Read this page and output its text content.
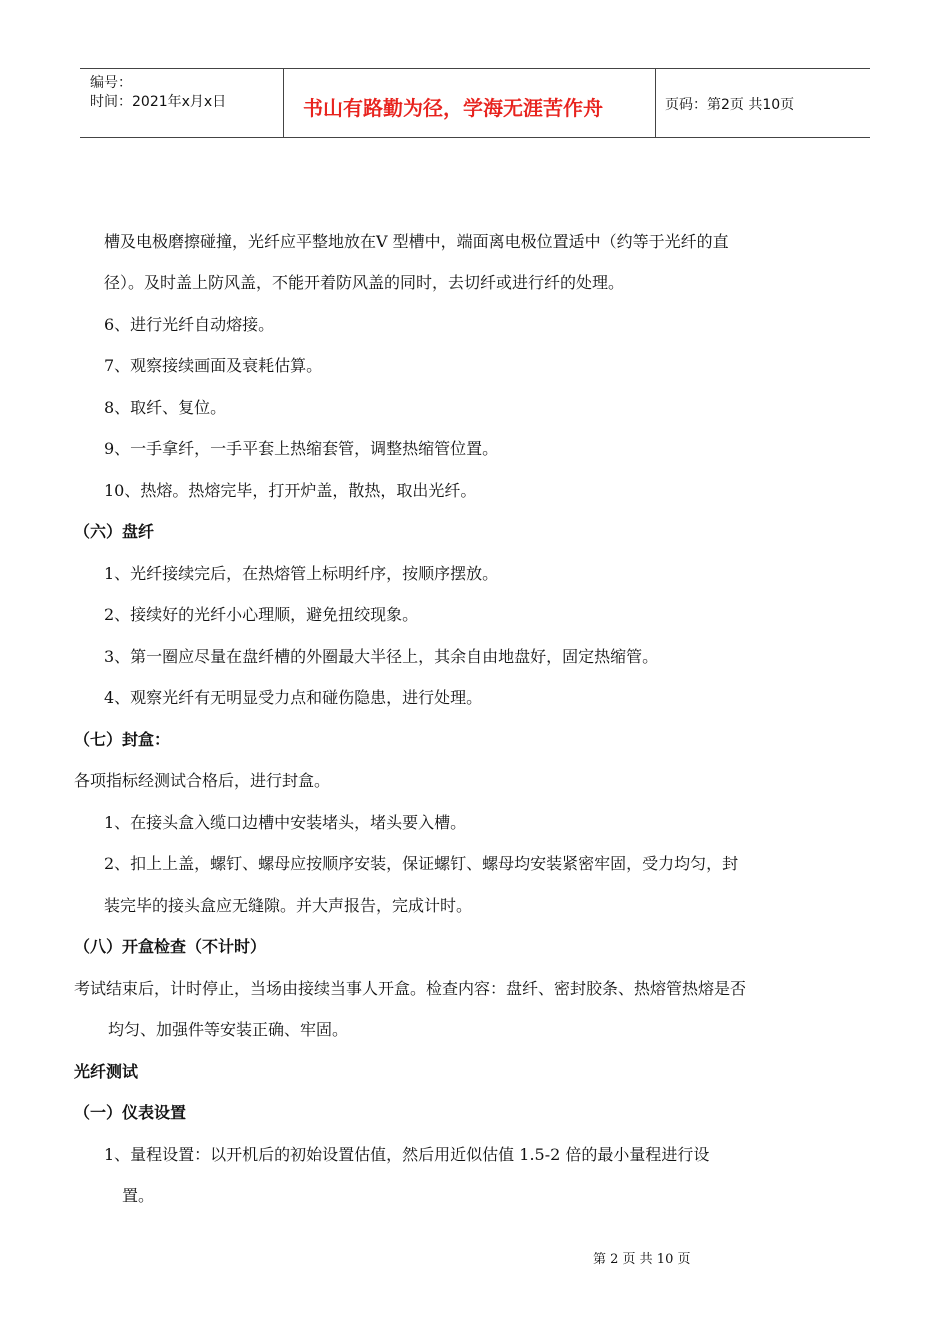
编号：
时间：2021年x月x日	书山有路勤为径，学海无涯苦作舟	页码：第2页 共10页
槽及电极磨擦碰撞，光纤应平整地放在V 型槽中，端面离电极位置适中（约等于光纤的直
径）。及时盖上防风盖，不能开着防风盖的同时，去切纤或进行纤的处理。
6、进行光纤自动熔接。
7、观察接续画面及衰耗估算。
8、取纤、复位。
9、一手拿纤，一手平套上热缩套管，调整热缩管位置。
10、热熔。热熔完毕，打开炉盖，散热，取出光纤。
（六）盘纤
1、光纤接续完后，在热熔管上标明纤序，按顺序摆放。
2、接续好的光纤小心理顺，避免扭绞现象。
3、第一圈应尽量在盘纤槽的外圈最大半径上，其余自由地盘好，固定热缩管。
4、观察光纤有无明显受力点和碰伤隐患，进行处理。
（七）封盒：
各项指标经测试合格后，进行封盒。
1、在接头盒入缆口边槽中安装堵头，堵头要入槽。
2、扣上上盖，螺钉、螺母应按顺序安装，保证螺钉、螺母均安装紧密牢固，受力均匀，封
装完毕的接头盒应无缝隙。并大声报告，完成计时。
（八）开盒检查（不计时）
考试结束后，计时停止，当场由接续当事人开盒。检查内容：盘纤、密封胶条、热熔管热熔是否
均匀、加强件等安装正确、牢固。
光纤测试
（一）仪表设置
1、量程设置：以开机后的初始设置估值，然后用近似估值 1.5-2 倍的最小量程进行设
置。
第 2 页 共 10 页
